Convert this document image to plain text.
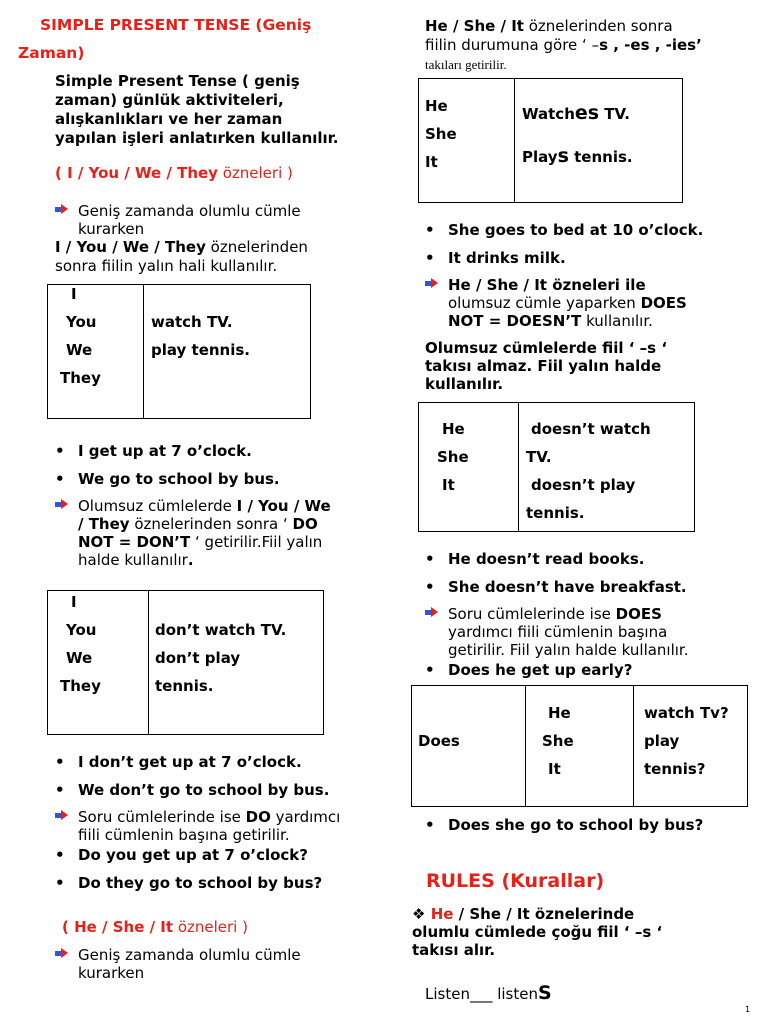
SIMPLE PRESENT TENSE (Geniş
Zaman)
Simple Present Tense ( geniş
zaman) günlük aktiviteleri,
alışkanlıkları ve her zaman
yapılan işleri anlatırken kullanılır.
( I / You / We / They özneleri )
Geniş zamanda olumlu cümle
kurarken
I / You / We / They öznelerinden
sonra fiilin yalın hali kullanılır.
I
You
We
They
watch TV.
play tennis.
• I get up at 7 o’clock.
• We go to school by bus.
Olumsuz cümlelerde I / You / We
/ They öznelerinden sonra ‘ DO
NOT = DON’T ‘ getirilir.Fiil yalın
halde kullanılır.
I
You
We
They
don’t watch TV.
don’t play
tennis.
• I don’t get up at 7 o’clock.
• We don’t go to school by bus.
Soru cümlelerinde ise DO yardımcı
fiili cümlenin başına getirilir.
• Do you get up at 7 o’clock?
• Do they go to school by bus?
( He / She / It özneleri )
Geniş zamanda olumlu cümle
kurarken
He / She / It öznelerinden sonra
fiilin durumuna göre ‘ –s , -es , -ies’
takıları getirilir.
He
She
It
Watches TV.
Plays tennis.
• She goes to bed at 10 o’clock.
• It drinks milk.
He / She / It özneleri ile
olumsuz cümle yaparken DOES
NOT = DOESN’T kullanılır.
Olumsuz cümlelerde fiil ‘ –s ‘
takısı almaz. Fiil yalın halde
kullanılır.
He
She
It
doesn’t watch
TV.
doesn’t play
tennis.
• He doesn’t read books.
• She doesn’t have breakfast.
Soru cümlelerinde ise DOES
yardımcı fiili cümlenin başına
getirilir. Fiil yalın halde kullanılır.
• Does he get up early?
Does
He
She
It
watch Tv?
play
tennis?
• Does she go to school by bus?
RULES (Kurallar)
❖ He / She / It öznelerinde
olumlu cümlede çoğu fiil ‘ –s ‘
takısı alır.
Listen___ listenS
1
